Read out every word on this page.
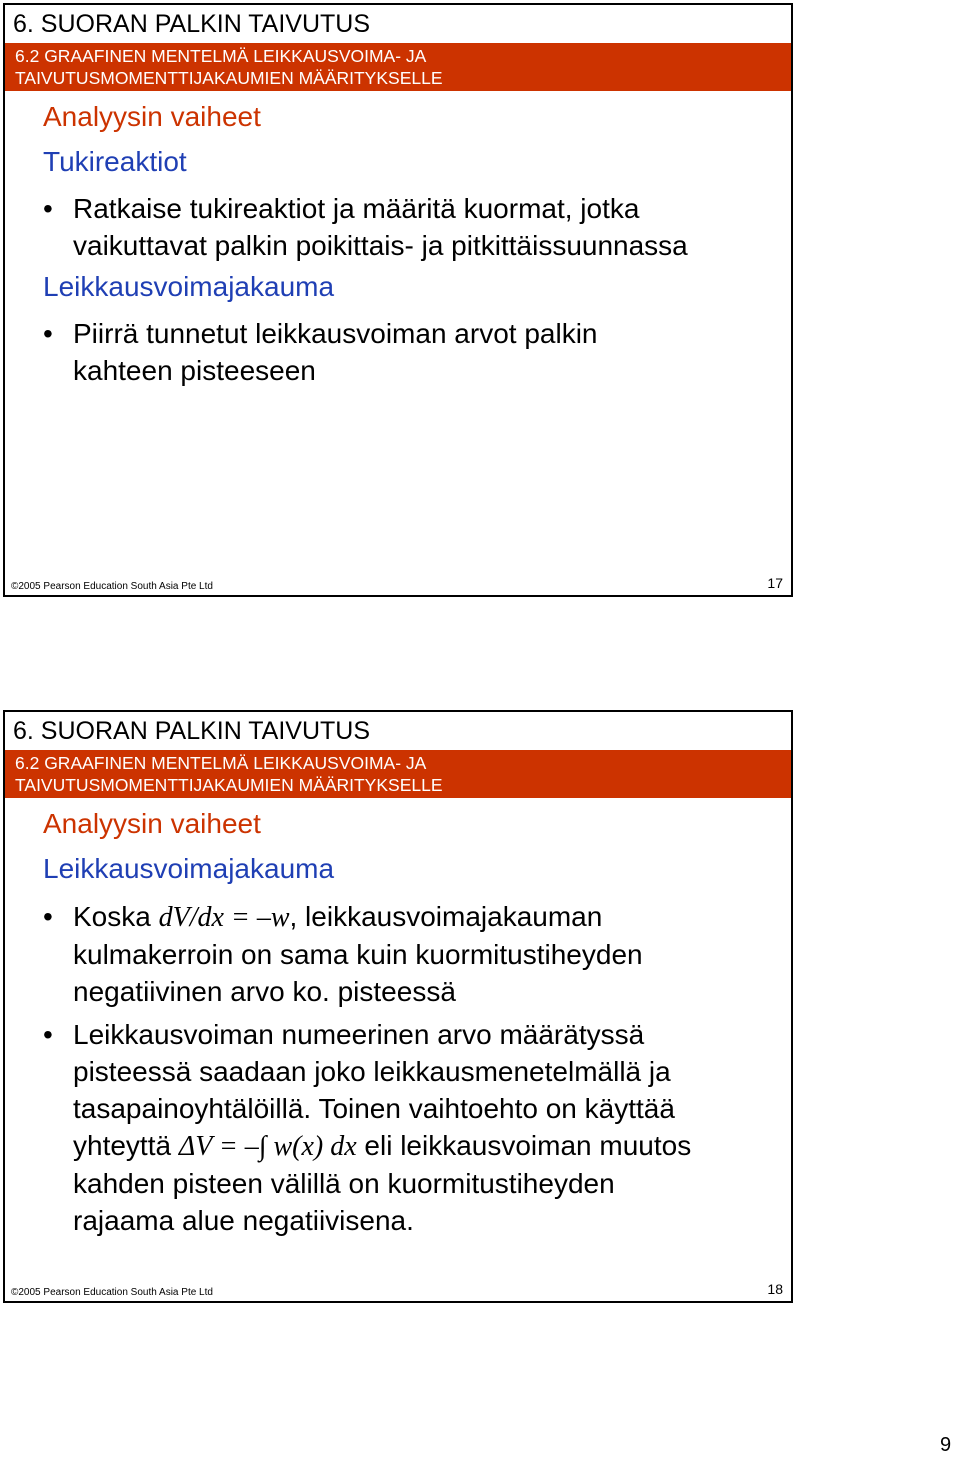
6. SUORAN PALKIN TAIVUTUS
6.2 GRAAFINEN MENTELMÄ LEIKKAUSVOIMA- JA
TAIVUTUSMOMENTTIJAKAUMIEN MÄÄRITYKSELLE
Analyysin vaiheet
Tukireaktiot
• Ratkaise tukireaktiot ja määritä kuormat, jotka
vaikuttavat palkin poikittais- ja pitkittäissuunnassa
Leikkausvoimajakauma
• Piirrä tunnetut leikkausvoiman arvot palkin
kahteen pisteeseen
©2005 Pearson Education South Asia Pte Ltd	17
6. SUORAN PALKIN TAIVUTUS
6.2 GRAAFINEN MENTELMÄ LEIKKAUSVOIMA- JA
TAIVUTUSMOMENTTIJAKAUMIEN MÄÄRITYKSELLE
Analyysin vaiheet
Leikkausvoimajakauma
• Koska dV/dx = –w, leikkausvoimajakauman
kulmakerroin on sama kuin kuormitustiheyden
negatiivinen arvo ko. pisteessä
• Leikkausvoiman numeerinen arvo määrätyssä
pisteessä saadaan joko leikkausmenetelmällä ja
tasapainoyhtälöillä. Toinen vaihtoehto on käyttää
yhteyttä ΔV = –∫ w(x) dx eli leikkausvoiman muutos
kahden pisteen välillä on kuormitustiheyden
rajaama alue negatiivisena.
©2005 Pearson Education South Asia Pte Ltd	18
9
